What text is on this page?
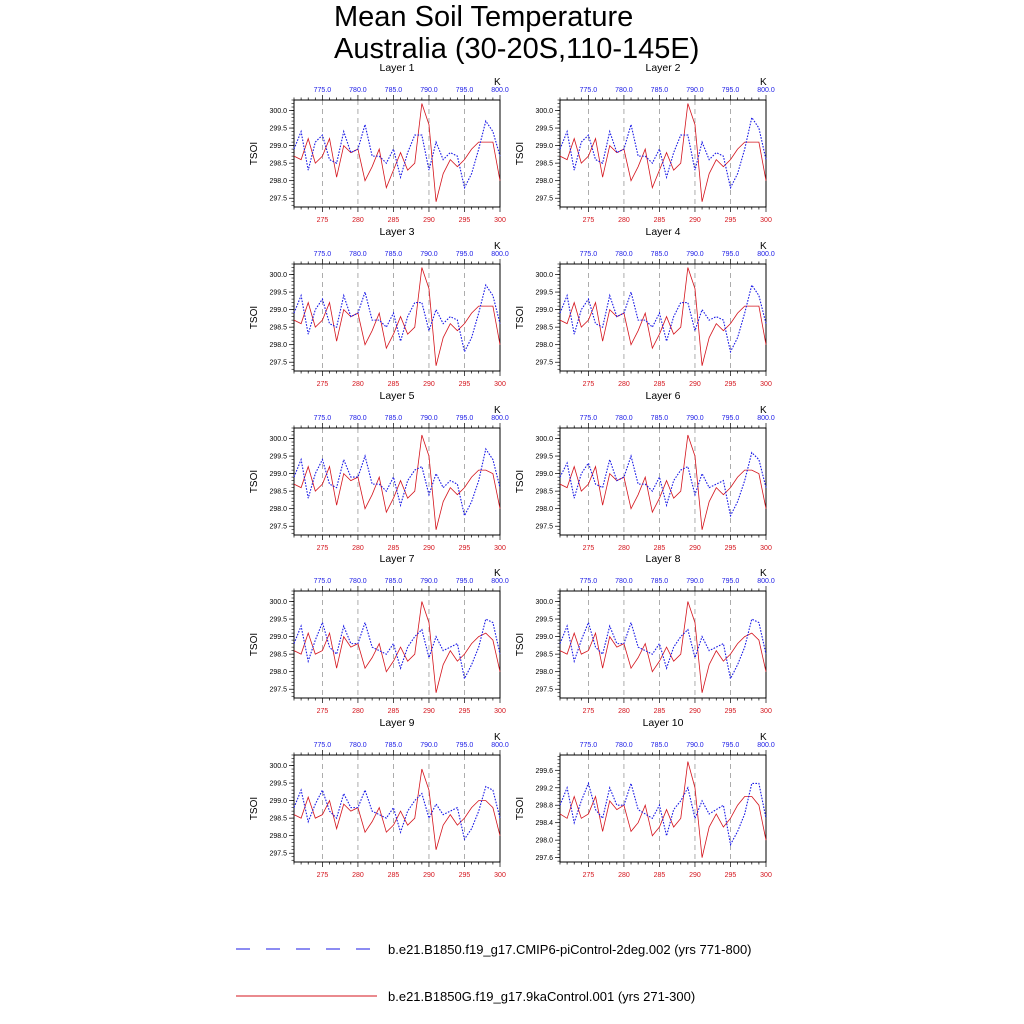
Mean Soil Temperature
Australia (30-20S,110-145E)
Layer 1
275	280	285	290	295	300
775.0	780.0	785.0	790.0	795.0	800.0
K
297.5
298.0
298.5
299.0
299.5
300.0
TSOI
Layer 2
275	280	285	290	295	300
775.0	780.0	785.0	790.0	795.0	800.0
K
297.5
298.0
298.5
299.0
299.5
300.0
TSOI
Layer 3
275	280	285	290	295	300
775.0	780.0	785.0	790.0	795.0	800.0
K
297.5
298.0
298.5
299.0
299.5
300.0
TSOI
Layer 4
275	280	285	290	295	300
775.0	780.0	785.0	790.0	795.0	800.0
K
297.5
298.0
298.5
299.0
299.5
300.0
TSOI
Layer 5
275	280	285	290	295	300
775.0	780.0	785.0	790.0	795.0	800.0
K
297.5
298.0
298.5
299.0
299.5
300.0
TSOI
Layer 6
275	280	285	290	295	300
775.0	780.0	785.0	790.0	795.0	800.0
K
297.5
298.0
298.5
299.0
299.5
300.0
TSOI
Layer 7
275	280	285	290	295	300
775.0	780.0	785.0	790.0	795.0	800.0
K
297.5
298.0
298.5
299.0
299.5
300.0
TSOI
Layer 8
275	280	285	290	295	300
775.0	780.0	785.0	790.0	795.0	800.0
K
297.5
298.0
298.5
299.0
299.5
300.0
TSOI
Layer 9
275	280	285	290	295	300
775.0	780.0	785.0	790.0	795.0	800.0
K
297.5
298.0
298.5
299.0
299.5
300.0
TSOI
Layer 10
275	280	285	290	295	300
775.0	780.0	785.0	790.0	795.0	800.0
K
297.6
298.0
298.4
298.8
299.2
299.6
TSOI
b.e21.B1850.f19_g17.CMIP6-piControl-2deg.002 (yrs 771-800)
b.e21.B1850G.f19_g17.9kaControl.001 (yrs 271-300)
